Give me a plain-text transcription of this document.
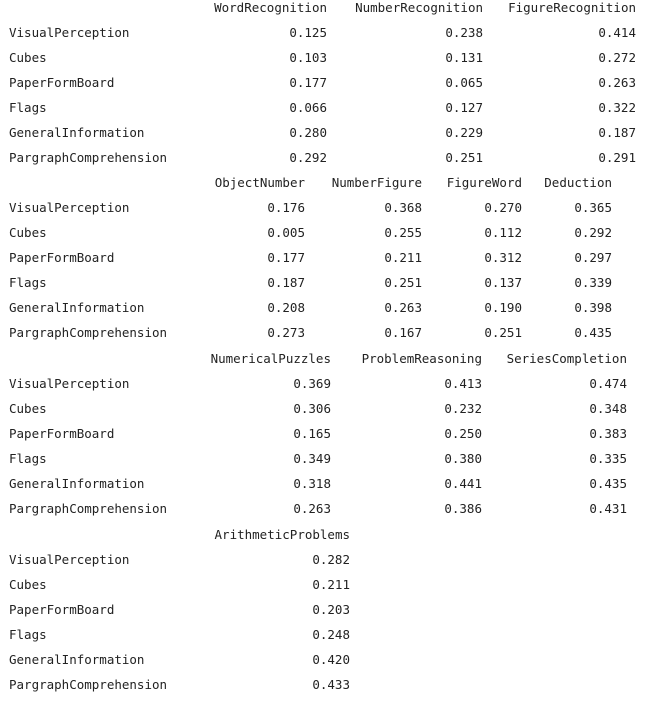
	WordRecognition	NumberRecognition	FigureRecognition
VisualPerception	0.125	0.238	0.414
Cubes	0.103	0.131	0.272
PaperFormBoard	0.177	0.065	0.263
Flags	0.066	0.127	0.322
GeneralInformation	0.280	0.229	0.187
PargraphComprehension	0.292	0.251	0.291
	ObjectNumber	NumberFigure	FigureWord	Deduction
VisualPerception	0.176	0.368	0.270	0.365
Cubes	0.005	0.255	0.112	0.292
PaperFormBoard	0.177	0.211	0.312	0.297
Flags	0.187	0.251	0.137	0.339
GeneralInformation	0.208	0.263	0.190	0.398
PargraphComprehension	0.273	0.167	0.251	0.435
	NumericalPuzzles	ProblemReasoning	SeriesCompletion
VisualPerception	0.369	0.413	0.474
Cubes	0.306	0.232	0.348
PaperFormBoard	0.165	0.250	0.383
Flags	0.349	0.380	0.335
GeneralInformation	0.318	0.441	0.435
PargraphComprehension	0.263	0.386	0.431
	ArithmeticProblems
VisualPerception	0.282
Cubes	0.211
PaperFormBoard	0.203
Flags	0.248
GeneralInformation	0.420
PargraphComprehension	0.433
